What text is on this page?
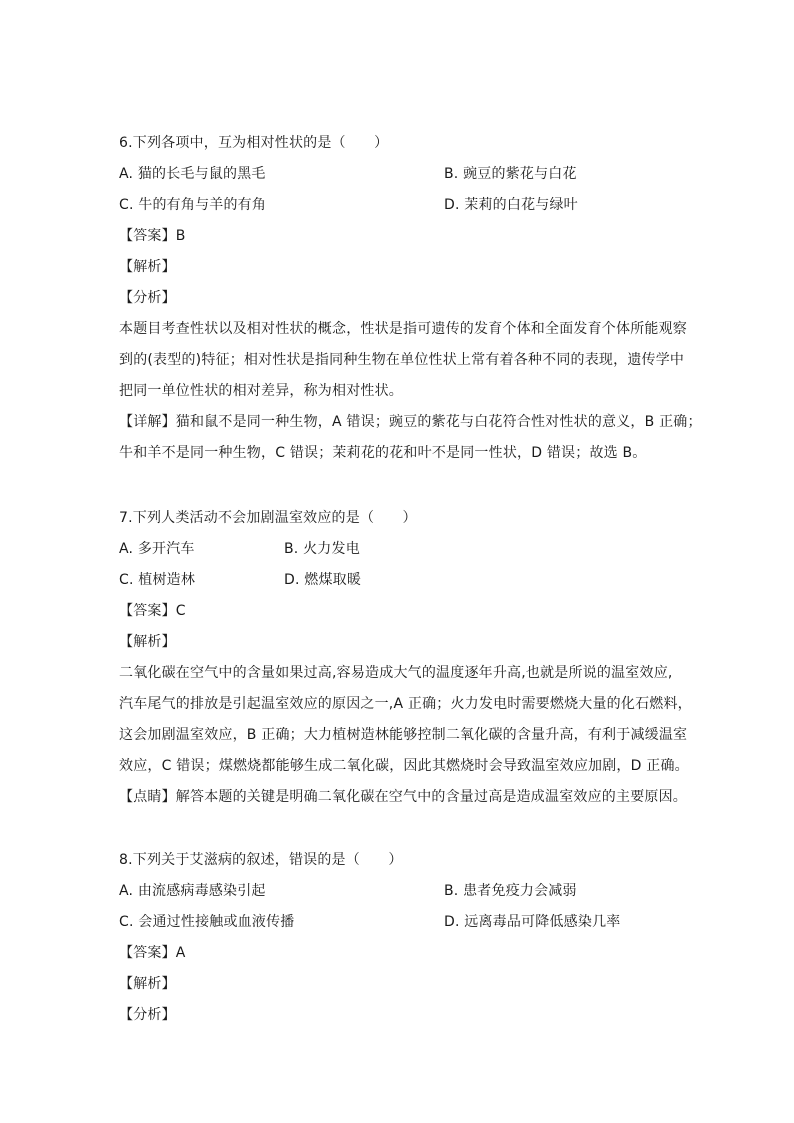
6.下列各项中，互为相对性状的是（　　）
A. 猫的长毛与鼠的黑毛	B. 豌豆的紫花与白花
C. 牛的有角与羊的有角	D. 茉莉的白花与绿叶
【答案】B
【解析】
【分析】
本题目考查性状以及相对性状的概念，性状是指可遗传的发育个体和全面发育个体所能观察
到的(表型的)特征；相对性状是指同种生物在单位性状上常有着各种不同的表现，遗传学中
把同一单位性状的相对差异，称为相对性状。
【详解】猫和鼠不是同一种生物，A 错误；豌豆的紫花与白花符合性对性状的意义，B 正确；
牛和羊不是同一种生物，C 错误；茉莉花的花和叶不是同一性状，D 错误；故选 B。
7.下列人类活动不会加剧温室效应的是（　　）
A. 多开汽车	B. 火力发电
C. 植树造林	D. 燃煤取暖
【答案】C
【解析】
二氧化碳在空气中的含量如果过高,容易造成大气的温度逐年升高,也就是所说的温室效应,
汽车尾气的排放是引起温室效应的原因之一,A 正确；火力发电时需要燃烧大量的化石燃料，
这会加剧温室效应，B 正确；大力植树造林能够控制二氧化碳的含量升高，有利于减缓温室
效应，C 错误；煤燃烧都能够生成二氧化碳，因此其燃烧时会导致温室效应加剧，D 正确。
【点睛】解答本题的关键是明确二氧化碳在空气中的含量过高是造成温室效应的主要原因。
8.下列关于艾滋病的叙述，错误的是（　　）
A. 由流感病毒感染引起	B. 患者免疫力会减弱
C. 会通过性接触或血液传播	D. 远离毒品可降低感染几率
【答案】A
【解析】
【分析】
